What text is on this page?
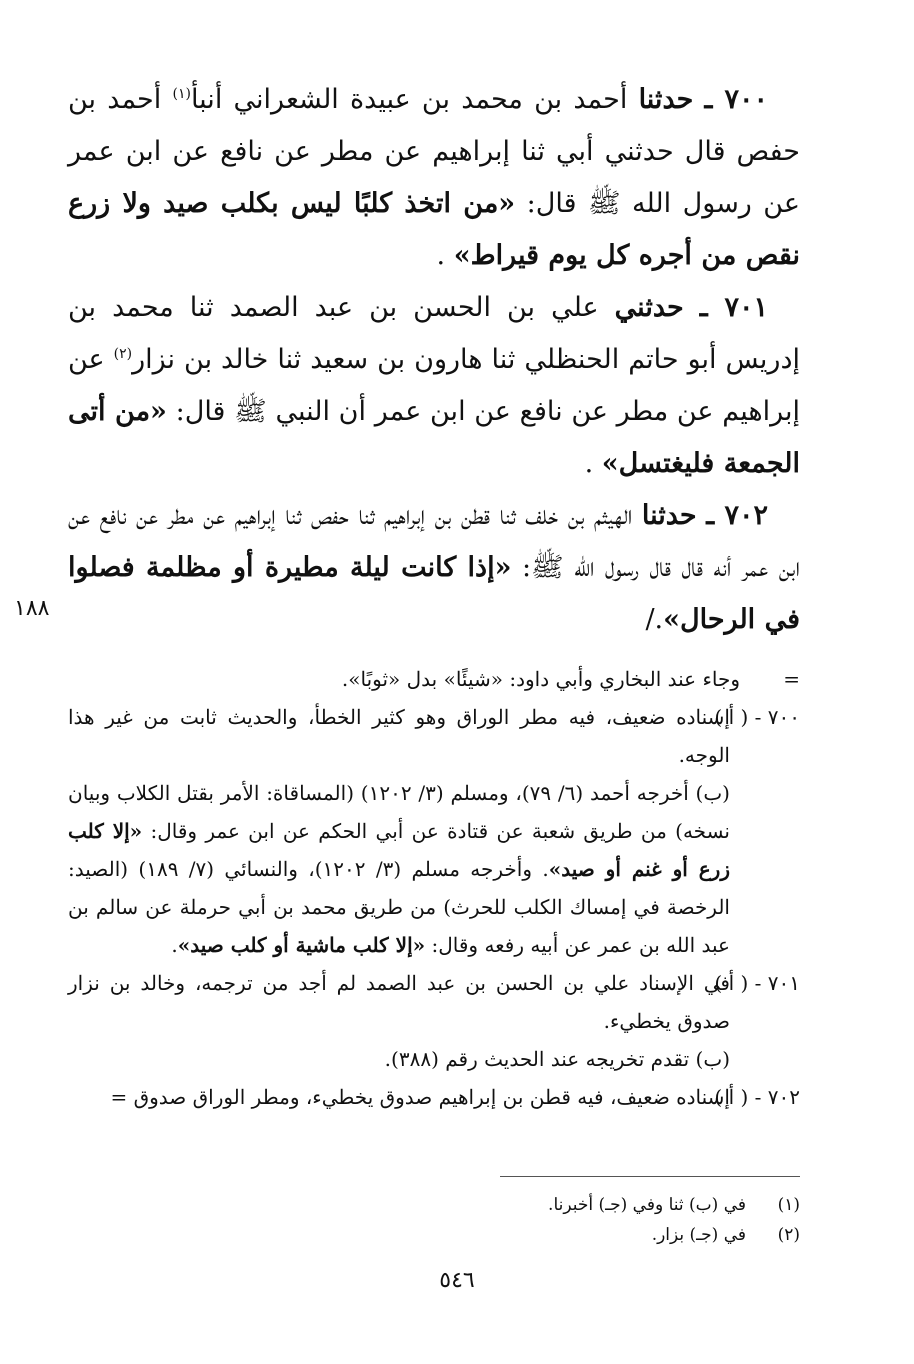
٧٠٠ ـ حدثنا أحمد بن محمد بن عبيدة الشعراني أنبأ$^{(١)}$ أحمد بن حفص قال حدثني أبي ثنا إبراهيم عن مطر عن نافع عن ابن عمر عن رسول الله ﷺ قال: «من اتخذ كلبًا ليس بكلب صيد ولا زرع نقص من أجره كل يوم قيراط» .

٧٠١ ـ حدثني علي بن الحسن بن عبد الصمد ثنا محمد بن إدريس أبو حاتم الحنظلي ثنا هارون بن سعيد ثنا خالد بن نزار$^{(٢)}$ عن إبراهيم عن مطر عن نافع عن ابن عمر أن النبي ﷺ قال: «من أتى الجمعة فليغتسل» .

٧٠٢ ـ حدثنا الهيثم بن خلف ثنا قطن بن إبراهيم ثنا حفص ثنا إبراهيم عن مطر عن نافع عن ابن عمر أنه قال قال رسول الله ﷺ: «إذا كانت ليلة مطيرة أو مظلمة فصلوا في الرحال»./

١٨٨

=
وجاء عند البخاري وأبي داود: «شيئًا» بدل «ثوبًا».

٧٠٠ - ( أ )
إسناده ضعيف، فيه مطر الوراق وهو كثير الخطأ، والحديث ثابت من غير هذا الوجه.

(ب) أخرجه أحمد (٦/ ٧٩)، ومسلم (٣/ ١٢٠٢) (المساقاة: الأمر بقتل الكلاب وبيان نسخه) من طريق شعبة عن قتادة عن أبي الحكم عن ابن عمر وقال: «إلا كلب زرع أو غنم أو صيد». وأخرجه مسلم (٣/ ١٢٠٢)، والنسائي (٧/ ١٨٩) (الصيد: الرخصة في إمساك الكلب للحرث) من طريق محمد بن أبي حرملة عن سالم بن عبد الله بن عمر عن أبيه رفعه وقال: «إلا كلب ماشية أو كلب صيد».

٧٠١ - ( أ )
في الإسناد علي بن الحسن بن عبد الصمد لم أجد من ترجمه، وخالد بن نزار صدوق يخطيء.

(ب) تقدم تخريجه عند الحديث رقم (٣٨٨).

٧٠٢ - ( أ )
إسناده ضعيف، فيه قطن بن إبراهيم صدوق يخطيء، ومطر الوراق صدوق =

(١)في (ب) ثنا وفي (جـ) أخبرنا.

(٢)في (جـ) بزار.

٥٤٦
